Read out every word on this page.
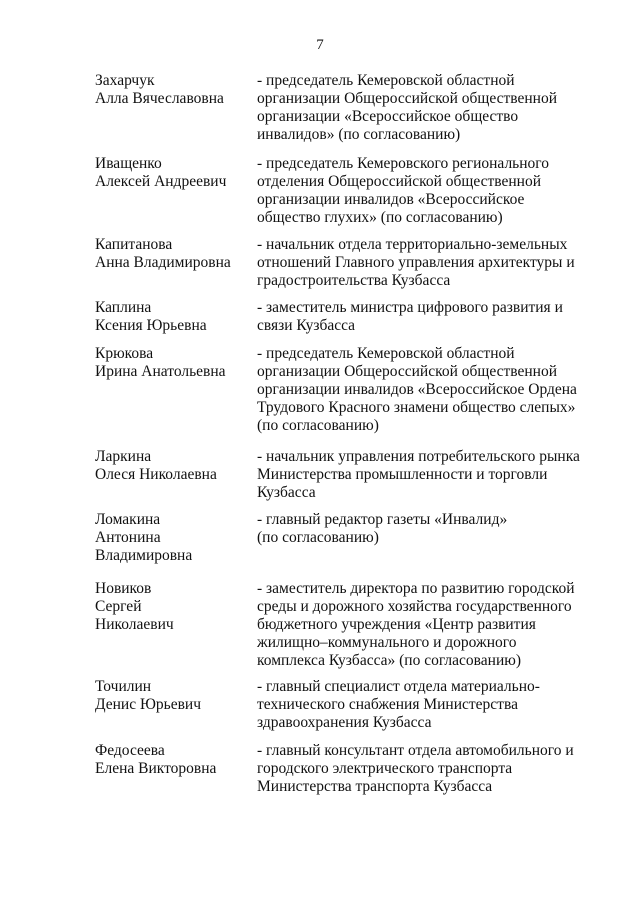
7
Захарчук
Алла Вячеславовна
- председатель Кемеровской областной
организации Общероссийской общественной
организации «Всероссийское общество
инвалидов» (по согласованию)
Иващенко
Алексей Андреевич
- председатель Кемеровского регионального
отделения Общероссийской общественной
организации инвалидов «Всероссийское
общество глухих» (по согласованию)
Капитанова
Анна Владимировна
- начальник отдела территориально-земельных
отношений Главного управления архитектуры и
градостроительства Кузбасса
Каплина
Ксения Юрьевна
- заместитель министра цифрового развития и
связи Кузбасса
Крюкова
Ирина Анатольевна
- председатель Кемеровской областной
организации Общероссийской общественной
организации инвалидов «Всероссийское Ордена
Трудового Красного знамени общество слепых»
(по согласованию)
Ларкина
Олеся Николаевна
- начальник управления потребительского рынка
Министерства промышленности и торговли
Кузбасса
Ломакина
Антонина
Владимировна
- главный редактор газеты «Инвалид»
(по согласованию)
Новиков
Сергей
Николаевич
- заместитель директора по развитию городской
среды и дорожного хозяйства государственного
бюджетного учреждения «Центр развития
жилищно–коммунального и дорожного
комплекса Кузбасса» (по согласованию)
Точилин
Денис Юрьевич
- главный специалист отдела материально-
технического снабжения Министерства
здравоохранения Кузбасса
Федосеева
Елена Викторовна
- главный консультант отдела автомобильного и
городского электрического транспорта
Министерства транспорта Кузбасса
